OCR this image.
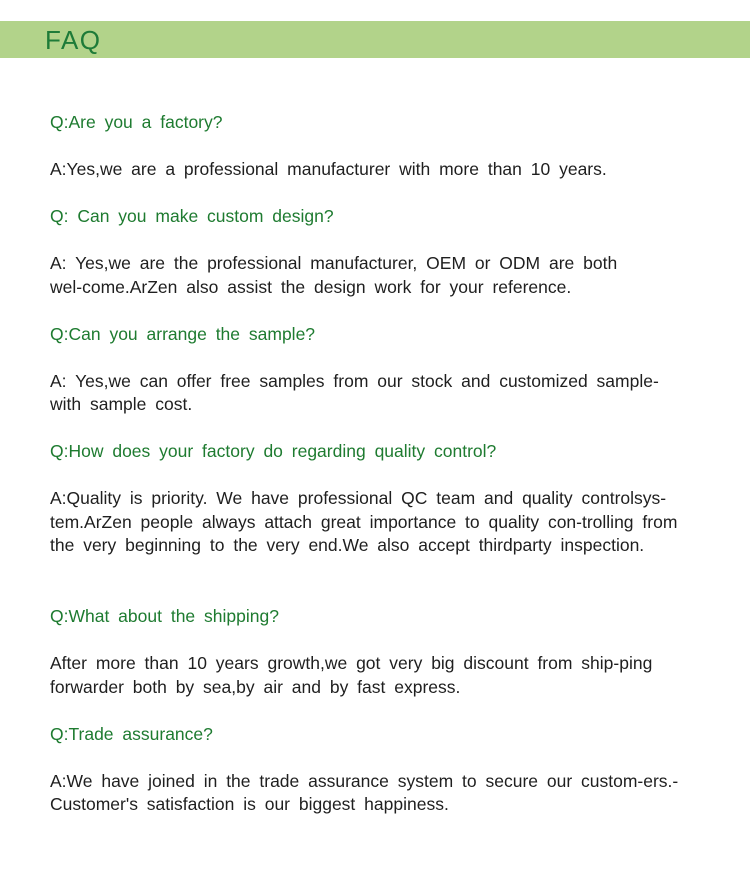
FAQ
Q:Are you a factory?
A:Yes,we are a professional manufacturer with more than 10 years.
Q: Can you make custom design?
A: Yes,we are the professional manufacturer, OEM or ODM are both
wel-come.ArZen also assist the design work for your reference.
Q:Can you arrange the sample?
A: Yes,we can offer free samples from our stock and customized sample-
with sample cost.
Q:How does your factory do regarding quality control?
A:Quality is priority. We have professional QC team and quality controlsys-
tem.ArZen people always attach great importance to quality con-trolling from
the very beginning to the very end.We also accept thirdparty inspection.
Q:What about the shipping?
After more than 10 years growth,we got very big discount from ship-ping
forwarder both by sea,by air and by fast express.
Q:Trade assurance?
A:We have joined in the trade assurance system to secure our custom-ers.-
Customer's satisfaction is our biggest happiness.
